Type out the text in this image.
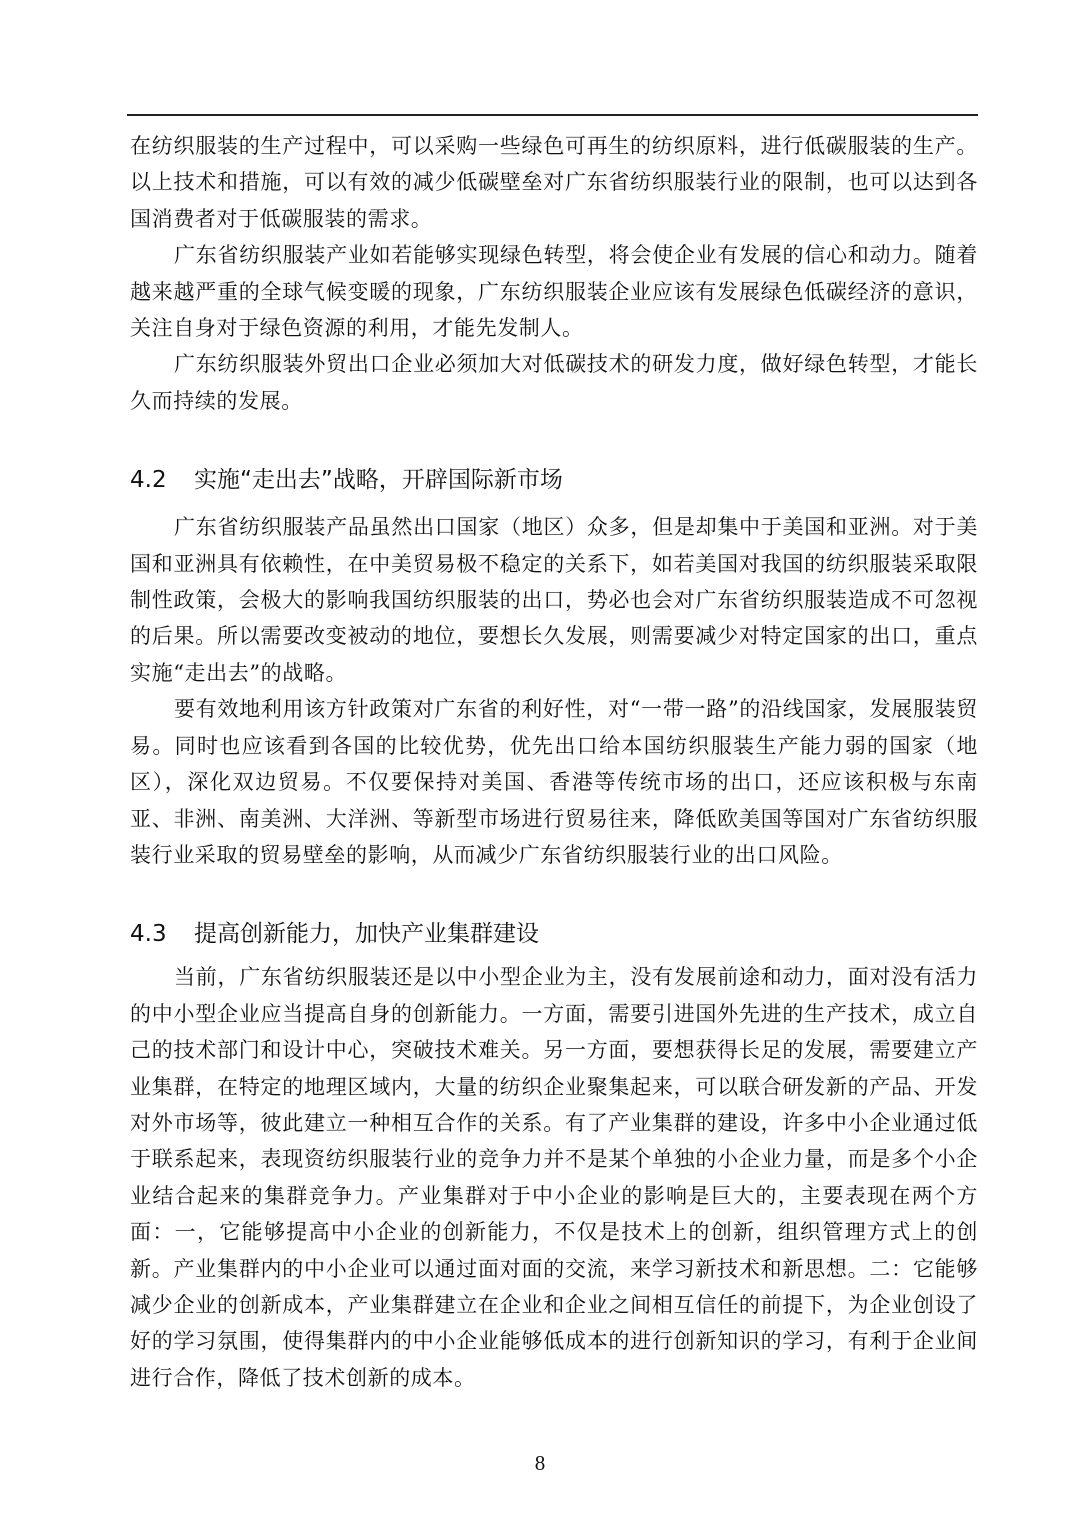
在纺织服装的生产过程中，可以采购一些绿色可再生的纺织原料，进行低碳服装的生产。以上技术和措施，可以有效的减少低碳壁垒对广东省纺织服装行业的限制，也可以达到各国消费者对于低碳服装的需求。

广东省纺织服装产业如若能够实现绿色转型，将会使企业有发展的信心和动力。随着越来越严重的全球气候变暖的现象，广东纺织服装企业应该有发展绿色低碳经济的意识，关注自身对于绿色资源的利用，才能先发制人。

广东纺织服装外贸出口企业必须加大对低碳技术的研发力度，做好绿色转型，才能长久而持续的发展。

4.2 实施“走出去”战略，开辟国际新市场

广东省纺织服装产品虽然出口国家（地区）众多，但是却集中于美国和亚洲。对于美国和亚洲具有依赖性，在中美贸易极不稳定的关系下，如若美国对我国的纺织服装采取限制性政策，会极大的影响我国纺织服装的出口，势必也会对广东省纺织服装造成不可忽视的后果。所以需要改变被动的地位，要想长久发展，则需要减少对特定国家的出口，重点实施“走出去”的战略。

要有效地利用该方针政策对广东省的利好性，对“一带一路”的沿线国家，发展服装贸易。同时也应该看到各国的比较优势，优先出口给本国纺织服装生产能力弱的国家（地区），深化双边贸易。不仅要保持对美国、香港等传统市场的出口，还应该积极与东南亚、非洲、南美洲、大洋洲、等新型市场进行贸易往来，降低欧美国等国对广东省纺织服装行业采取的贸易壁垒的影响，从而减少广东省纺织服装行业的出口风险。

4.3 提高创新能力，加快产业集群建设

当前，广东省纺织服装还是以中小型企业为主，没有发展前途和动力，面对没有活力的中小型企业应当提高自身的创新能力。一方面，需要引进国外先进的生产技术，成立自己的技术部门和设计中心，突破技术难关。另一方面，要想获得长足的发展，需要建立产业集群，在特定的地理区域内，大量的纺织企业聚集起来，可以联合研发新的产品、开发对外市场等，彼此建立一种相互合作的关系。有了产业集群的建设，许多中小企业通过低于联系起来，表现资纺织服装行业的竞争力并不是某个单独的小企业力量，而是多个小企业结合起来的集群竞争力。产业集群对于中小企业的影响是巨大的，主要表现在两个方面：一，它能够提高中小企业的创新能力，不仅是技术上的创新，组织管理方式上的创新。产业集群内的中小企业可以通过面对面的交流，来学习新技术和新思想。二：它能够减少企业的创新成本，产业集群建立在企业和企业之间相互信任的前提下，为企业创设了好的学习氛围，使得集群内的中小企业能够低成本的进行创新知识的学习，有利于企业间进行合作，降低了技术创新的成本。

8
